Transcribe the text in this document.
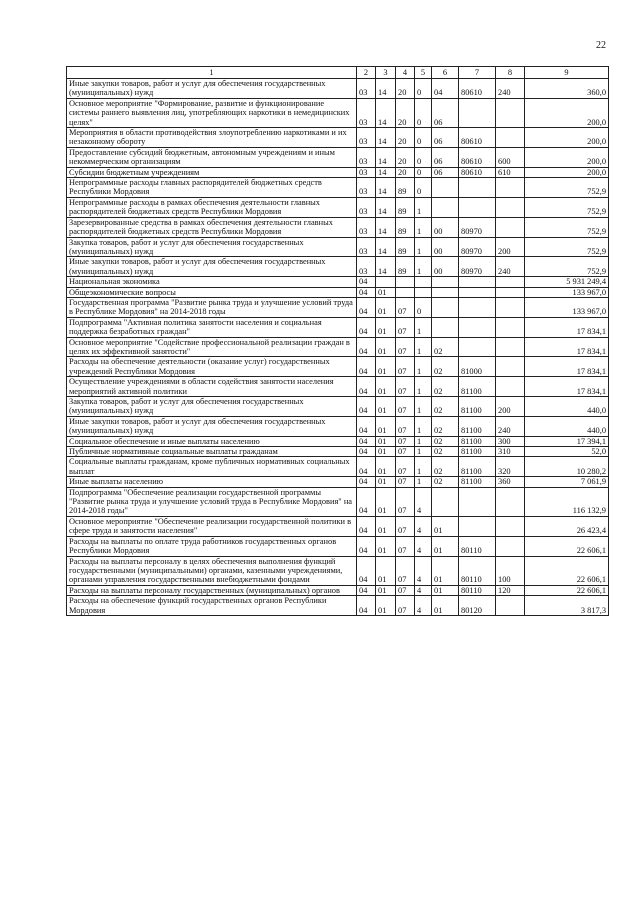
22
1	2	3	4	5	6	7	8	9
Иные закупки товаров, работ и услуг для обеспечения государственных (муниципальных) нужд	03	14	20	0	04	80610	240	360,0
Основное мероприятие "Формирование, развитие и функционирование системы раннего выявления лиц, употребляющих наркотики в немедицинских целях"	03	14	20	0	06			200,0
Мероприятия в области противодействия злоупотреблению наркотиками и их незаконному обороту	03	14	20	0	06	80610		200,0
Предоставление субсидий бюджетным, автономным учреждениям и иным некоммерческим организациям	03	14	20	0	06	80610	600	200,0
Субсидии бюджетным учреждениям	03	14	20	0	06	80610	610	200,0
Непрограммные расходы главных распорядителей бюджетных средств Республики Мордовия	03	14	89	0				752,9
Непрограммные расходы в рамках обеспечения деятельности главных распорядителей бюджетных средств Республики Мордовия	03	14	89	1				752,9
Зарезервированные средства в рамках обеспечения деятельности главных распорядителей бюджетных средств Республики Мордовия	03	14	89	1	00	80970		752,9
Закупка товаров, работ и услуг для обеспечения государственных (муниципальных) нужд	03	14	89	1	00	80970	200	752,9
Иные закупки товаров, работ и услуг для обеспечения государственных (муниципальных) нужд	03	14	89	1	00	80970	240	752,9
Национальная экономика	04							5 931 249,4
Общеэкономические вопросы	04	01						133 967,0
Государственная программа "Развитие рынка труда и улучшение условий труда в Республике Мордовия" на 2014-2018 годы	04	01	07	0				133 967,0
Подпрограмма "Активная политика занятости населения и социальная поддержка безработных граждан"	04	01	07	1				17 834,1
Основное мероприятие "Содействие профессиональной реализации граждан в целях их эффективной занятости"	04	01	07	1	02			17 834,1
Расходы на обеспечение деятельности (оказание услуг) государственных учреждений Республики Мордовия	04	01	07	1	02	81000		17 834,1
Осуществление учреждениями в области содействия занятости населения мероприятий активной политики	04	01	07	1	02	81100		17 834,1
Закупка товаров, работ и услуг для обеспечения государственных (муниципальных) нужд	04	01	07	1	02	81100	200	440,0
Иные закупки товаров, работ и услуг для обеспечения государственных (муниципальных) нужд	04	01	07	1	02	81100	240	440,0
Социальное обеспечение и иные выплаты населению	04	01	07	1	02	81100	300	17 394,1
Публичные нормативные социальные выплаты гражданам	04	01	07	1	02	81100	310	52,0
Социальные выплаты гражданам, кроме публичных нормативных социальных выплат	04	01	07	1	02	81100	320	10 280,2
Иные выплаты населению	04	01	07	1	02	81100	360	7 061,9
Подпрограмма "Обеспечение реализации государственной программы "Развитие рынка труда и улучшение условий труда в Республике Мордовия" на 2014-2018 годы"	04	01	07	4				116 132,9
Основное мероприятие "Обеспечение реализации государственной политики в сфере труда и занятости населения"	04	01	07	4	01			26 423,4
Расходы на выплаты по оплате труда работников государственных органов Республики Мордовия	04	01	07	4	01	80110		22 606,1
Расходы на выплаты персоналу в целях обеспечения выполнения функций государственными (муниципальными) органами, казенными учреждениями, органами управления государственными внебюджетными фондами	04	01	07	4	01	80110	100	22 606,1
Расходы на выплаты персоналу государственных (муниципальных) органов	04	01	07	4	01	80110	120	22 606,1
Расходы на обеспечение функций государственных органов Республики Мордовия	04	01	07	4	01	80120		3 817,3
